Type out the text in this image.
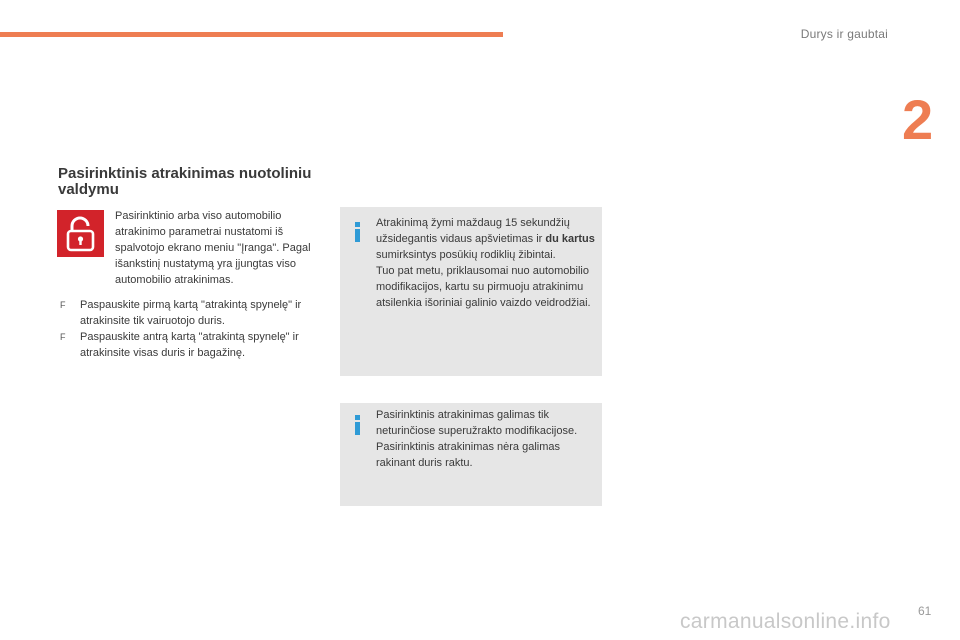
Durys ir gaubtai
2
Pasirinktinis atrakinimas nuotoliniu valdymu
Pasirinktinio arba viso automobilio atrakinimo parametrai nustatomi iš spalvotojo ekrano meniu "Įranga". Pagal išankstinį nustatymą yra įjungtas viso automobilio atrakinimas.
F Paspauskite pirmą kartą "atrakintą spynelę" ir atrakinsite tik vairuotojo duris.
F Paspauskite antrą kartą "atrakintą spynelę" ir atrakinsite visas duris ir bagažinę.
Atrakinimą žymi maždaug 15 sekundžių užsidegantis vidaus apšvietimas ir du kartus sumirksintys posūkių rodiklių žibintai.
Tuo pat metu, priklausomai nuo automobilio modifikacijos, kartu su pirmuoju atrakinimu atsilenkia išoriniai galinio vaizdo veidrodžiai.
Pasirinktinis atrakinimas galimas tik neturinčiose superužrakto modifikacijose.
Pasirinktinis atrakinimas nėra galimas rakinant duris raktu.
carmanualsonline.info 61
